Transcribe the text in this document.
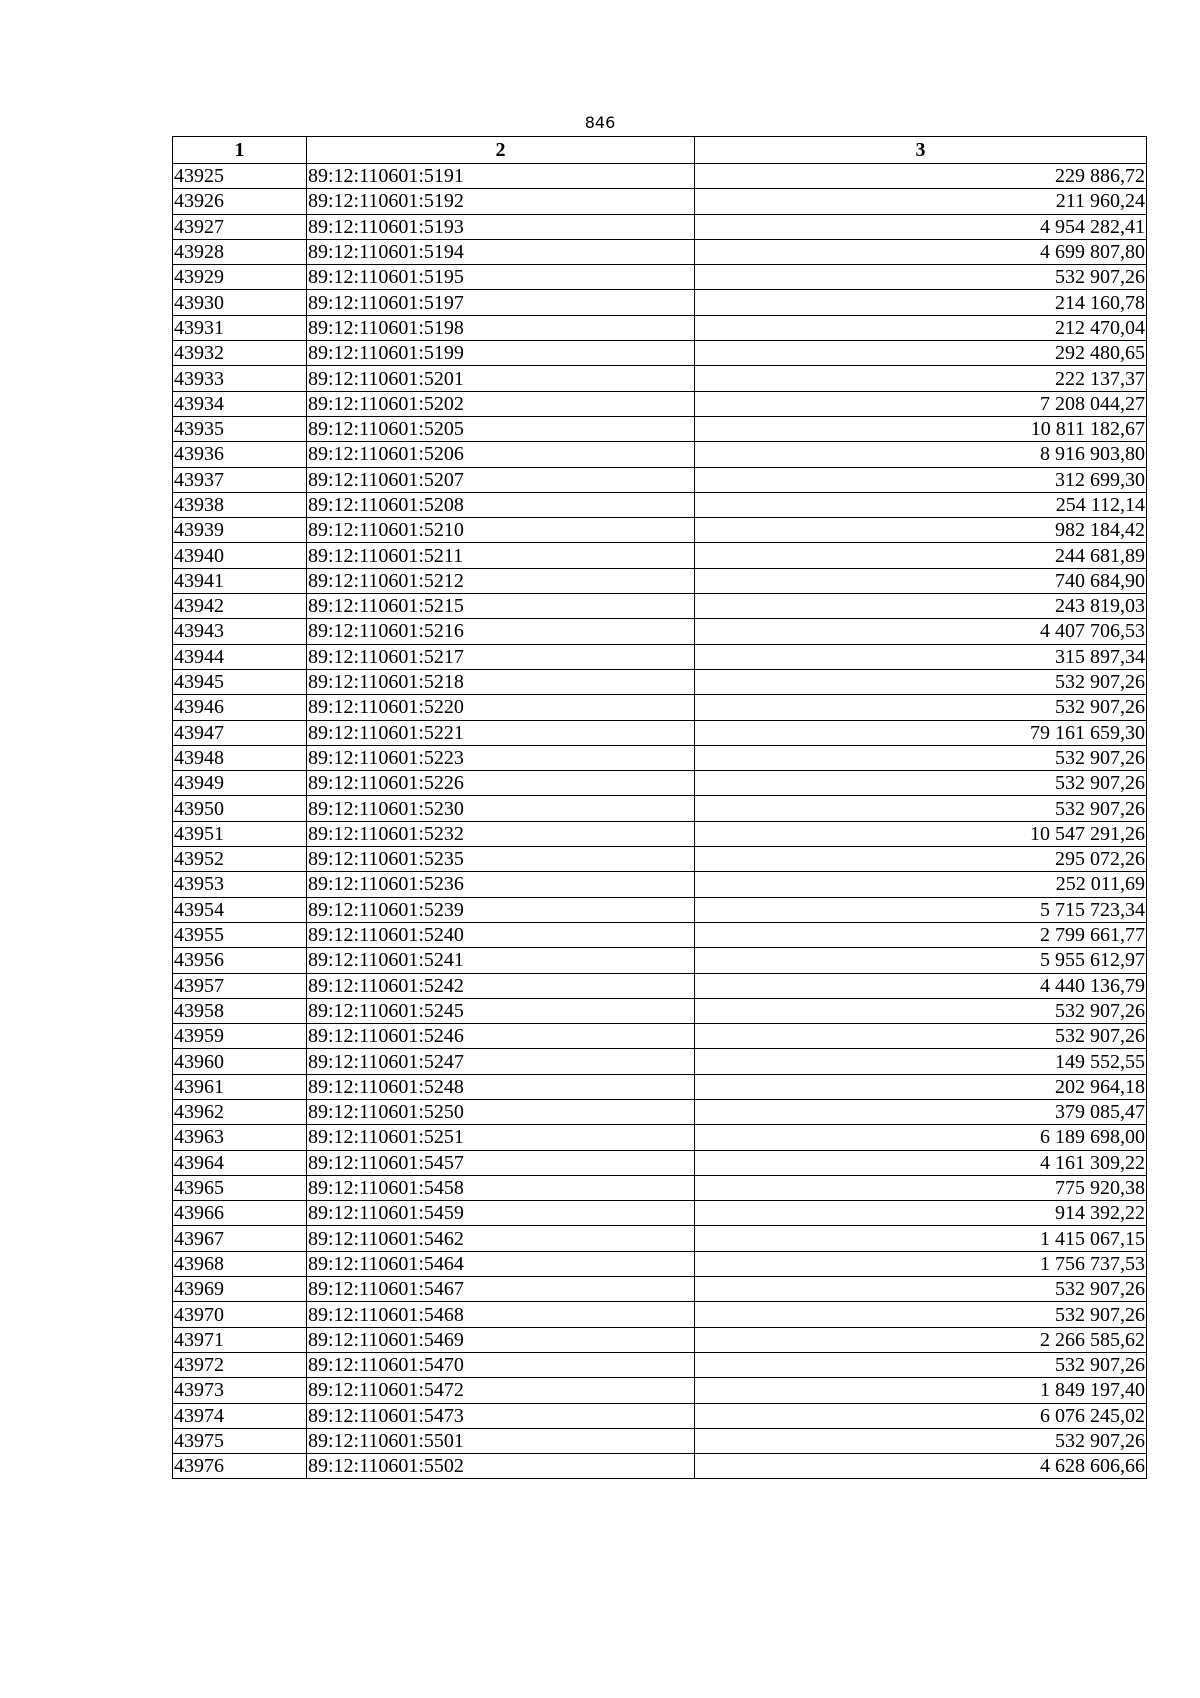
846
1	2	3
43925	89:12:110601:5191	229 886,72
43926	89:12:110601:5192	211 960,24
43927	89:12:110601:5193	4 954 282,41
43928	89:12:110601:5194	4 699 807,80
43929	89:12:110601:5195	532 907,26
43930	89:12:110601:5197	214 160,78
43931	89:12:110601:5198	212 470,04
43932	89:12:110601:5199	292 480,65
43933	89:12:110601:5201	222 137,37
43934	89:12:110601:5202	7 208 044,27
43935	89:12:110601:5205	10 811 182,67
43936	89:12:110601:5206	8 916 903,80
43937	89:12:110601:5207	312 699,30
43938	89:12:110601:5208	254 112,14
43939	89:12:110601:5210	982 184,42
43940	89:12:110601:5211	244 681,89
43941	89:12:110601:5212	740 684,90
43942	89:12:110601:5215	243 819,03
43943	89:12:110601:5216	4 407 706,53
43944	89:12:110601:5217	315 897,34
43945	89:12:110601:5218	532 907,26
43946	89:12:110601:5220	532 907,26
43947	89:12:110601:5221	79 161 659,30
43948	89:12:110601:5223	532 907,26
43949	89:12:110601:5226	532 907,26
43950	89:12:110601:5230	532 907,26
43951	89:12:110601:5232	10 547 291,26
43952	89:12:110601:5235	295 072,26
43953	89:12:110601:5236	252 011,69
43954	89:12:110601:5239	5 715 723,34
43955	89:12:110601:5240	2 799 661,77
43956	89:12:110601:5241	5 955 612,97
43957	89:12:110601:5242	4 440 136,79
43958	89:12:110601:5245	532 907,26
43959	89:12:110601:5246	532 907,26
43960	89:12:110601:5247	149 552,55
43961	89:12:110601:5248	202 964,18
43962	89:12:110601:5250	379 085,47
43963	89:12:110601:5251	6 189 698,00
43964	89:12:110601:5457	4 161 309,22
43965	89:12:110601:5458	775 920,38
43966	89:12:110601:5459	914 392,22
43967	89:12:110601:5462	1 415 067,15
43968	89:12:110601:5464	1 756 737,53
43969	89:12:110601:5467	532 907,26
43970	89:12:110601:5468	532 907,26
43971	89:12:110601:5469	2 266 585,62
43972	89:12:110601:5470	532 907,26
43973	89:12:110601:5472	1 849 197,40
43974	89:12:110601:5473	6 076 245,02
43975	89:12:110601:5501	532 907,26
43976	89:12:110601:5502	4 628 606,66
